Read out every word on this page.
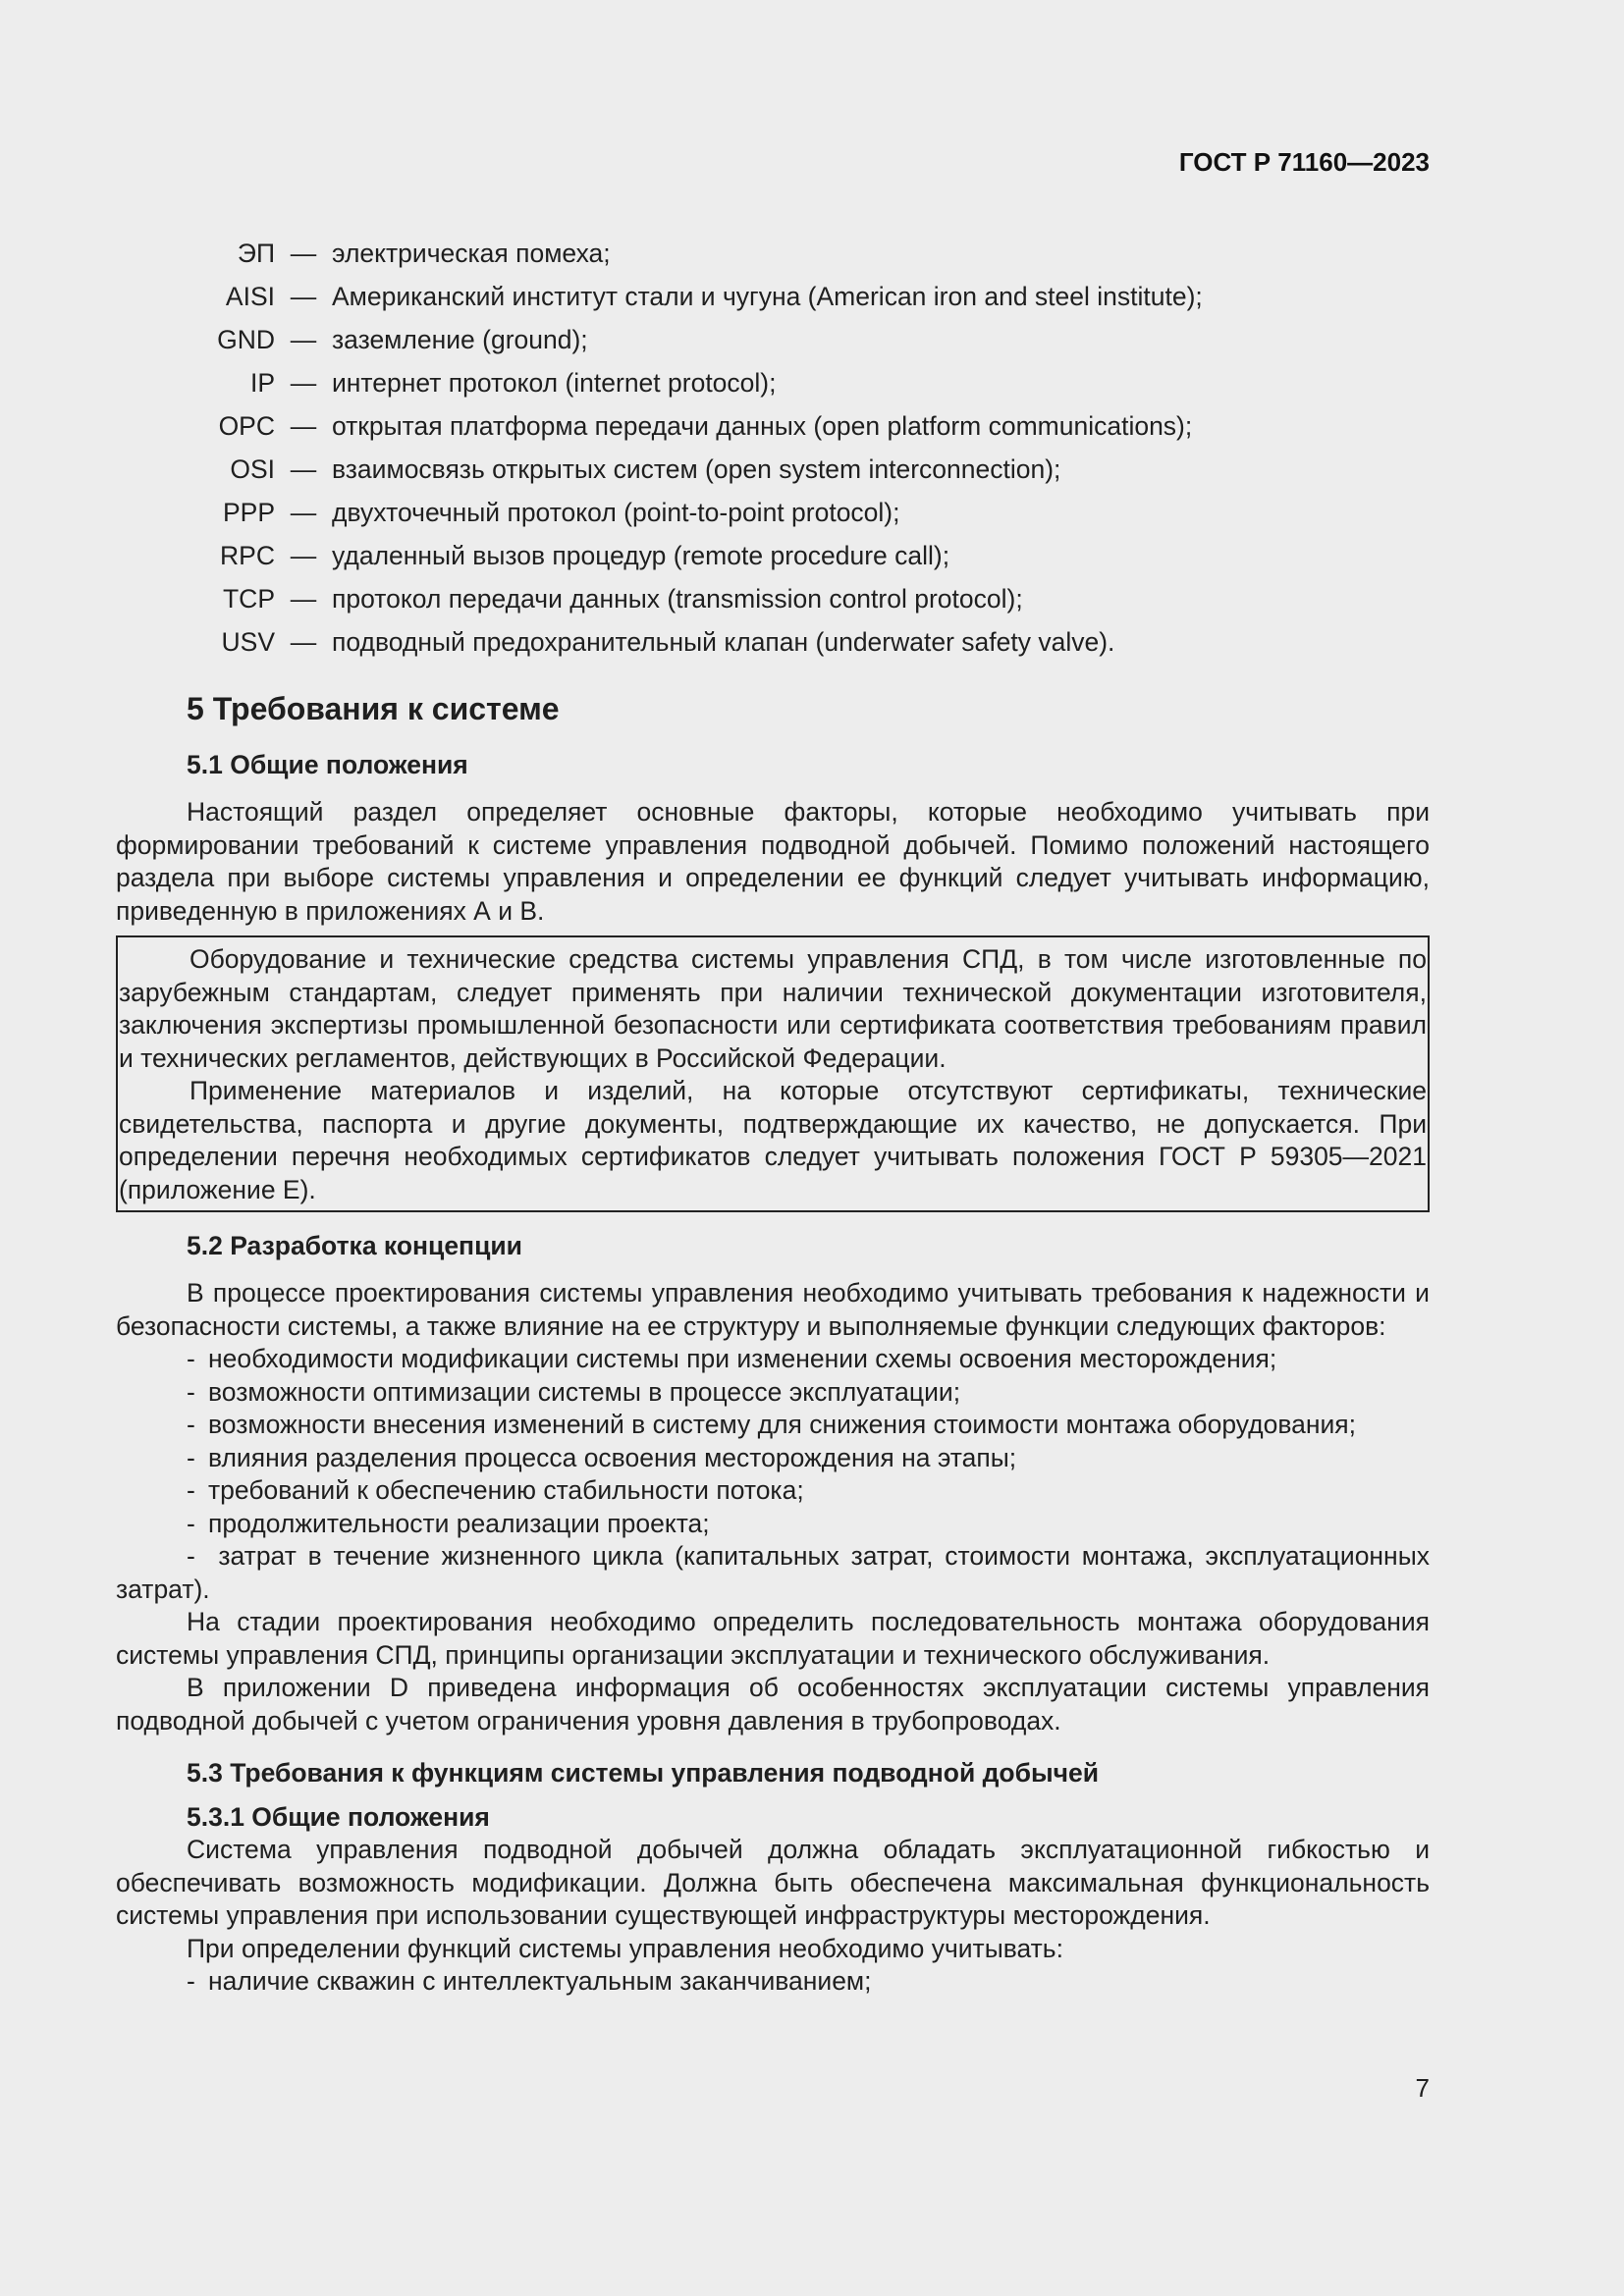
ГОСТ Р 71160—2023
ЭП — электрическая помеха;
AISI — Американский институт стали и чугуна (American iron and steel institute);
GND — заземление (ground);
IP — интернет протокол (internet protocol);
OPC — открытая платформа передачи данных (open platform communications);
OSI — взаимосвязь открытых систем (open system interconnection);
PPP — двухточечный протокол (point-to-point protocol);
RPC — удаленный вызов процедур (remote procedure call);
TCP — протокол передачи данных (transmission control protocol);
USV — подводный предохранительный клапан (underwater safety valve).
5 Требования к системе
5.1 Общие положения

Настоящий раздел определяет основные факторы, которые необходимо учитывать при формировании требований к системе управления подводной добычей. Помимо положений настоящего раздела при выборе системы управления и определении ее функций следует учитывать информацию, приведенную в приложениях А и В.

Оборудование и технические средства системы управления СПД, в том числе изготовленные по зарубежным стандартам, следует применять при наличии технической документации изготовителя, заключения экспертизы промышленной безопасности или сертификата соответствия требованиям правил и технических регламентов, действующих в Российской Федерации.

Применение материалов и изделий, на которые отсутствуют сертификаты, технические свидетельства, паспорта и другие документы, подтверждающие их качество, не допускается. При определении перечня необходимых сертификатов следует учитывать положения ГОСТ Р 59305—2021 (приложение Е).

5.2 Разработка концепции

В процессе проектирования системы управления необходимо учитывать требования к надежности и безопасности системы, а также влияние на ее структуру и выполняемые функции следующих факторов:

- необходимости модификации системы при изменении схемы освоения месторождения;
- возможности оптимизации системы в процессе эксплуатации;
- возможности внесения изменений в систему для снижения стоимости монтажа оборудования;
- влияния разделения процесса освоения месторождения на этапы;
- требований к обеспечению стабильности потока;
- продолжительности реализации проекта;

- затрат в течение жизненного цикла (капитальных затрат, стоимости монтажа, эксплуатационных затрат).

На стадии проектирования необходимо определить последовательность монтажа оборудования системы управления СПД, принципы организации эксплуатации и технического обслуживания.

В приложении D приведена информация об особенностях эксплуатации системы управления подводной добычей с учетом ограничения уровня давления в трубопроводах.

5.3 Требования к функциям системы управления подводной добычей
5.3.1 Общие положения

Система управления подводной добычей должна обладать эксплуатационной гибкостью и обеспечивать возможность модификации. Должна быть обеспечена максимальная функциональность системы управления при использовании существующей инфраструктуры месторождения.

При определении функций системы управления необходимо учитывать:

- наличие скважин с интеллектуальным заканчиванием;
7
